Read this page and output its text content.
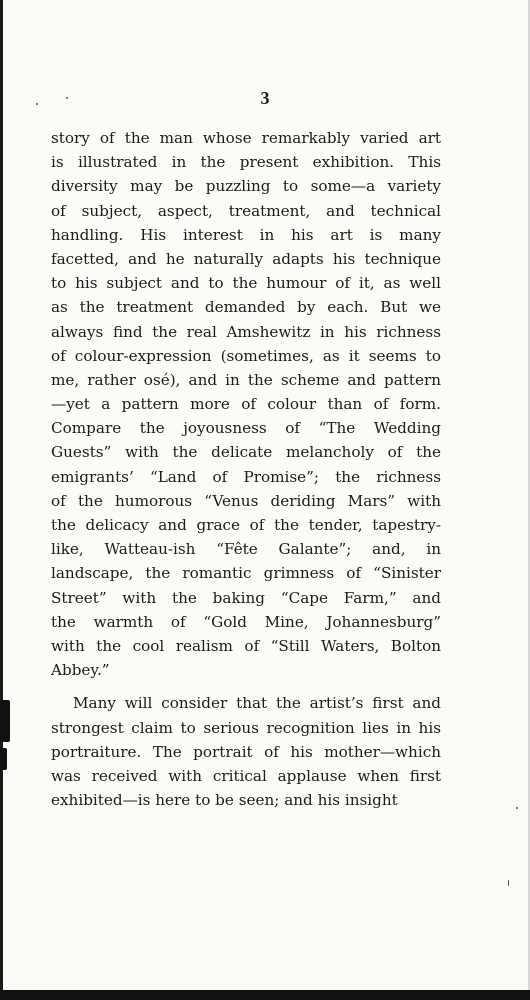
3
story of the man whose remarkably varied art
is illustrated in the present exhibition. This
diversity may be puzzling to some—a variety
of subject, aspect, treatment, and technical
handling. His interest in his art is many
facetted, and he naturally adapts his technique
to his subject and to the humour of it, as well
as the treatment demanded by each. But we
always find the real Amshewitz in his richness
of colour-expression (sometimes, as it seems to
me, rather osé), and in the scheme and pattern
—yet a pattern more of colour than of form.
Compare the joyousness of “The Wedding
Guests” with the delicate melancholy of the
emigrants’ “Land of Promise”; the richness
of the humorous “Venus deriding Mars” with
the delicacy and grace of the tender, tapestry-
like, Watteau-ish “Fête Galante”; and, in
landscape, the romantic grimness of “Sinister
Street” with the baking “Cape Farm,” and
the warmth of “Gold Mine, Johannesburg”
with the cool realism of “Still Waters, Bolton
Abbey.”
Many will consider that the artist’s first and
strongest claim to serious recognition lies in his
portraiture. The portrait of his mother—which
was received with critical applause when first
exhibited—is here to be seen; and his insight
